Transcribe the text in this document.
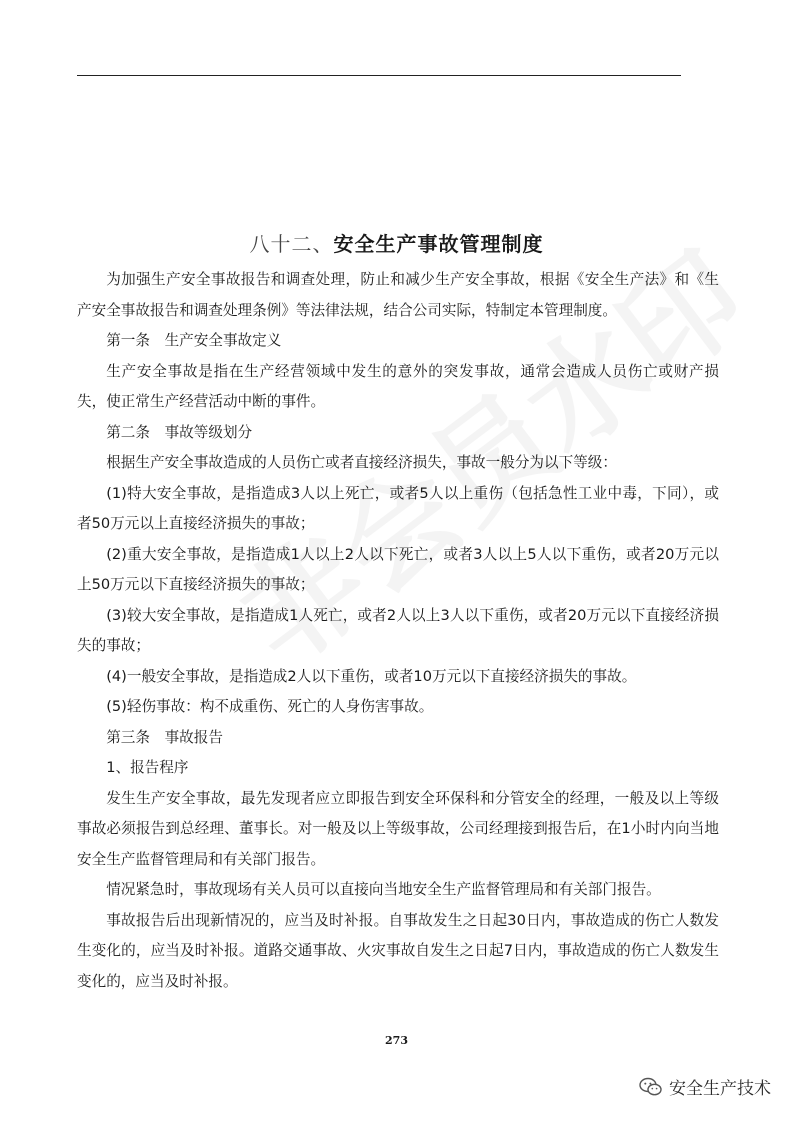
八十二、安全生产事故管理制度

为加强生产安全事故报告和调查处理，防止和减少生产安全事故，根据《安全生产法》和《生产安全事故报告和调查处理条例》等法律法规，结合公司实际，特制定本管理制度。

第一条　生产安全事故定义

生产安全事故是指在生产经营领域中发生的意外的突发事故，通常会造成人员伤亡或财产损失，使正常生产经营活动中断的事件。

第二条　事故等级划分

根据生产安全事故造成的人员伤亡或者直接经济损失，事故一般分为以下等级：

(1)特大安全事故，是指造成3人以上死亡，或者5人以上重伤（包括急性工业中毒，下同），或者50万元以上直接经济损失的事故；

(2)重大安全事故，是指造成1人以上2人以下死亡，或者3人以上5人以下重伤，或者20万元以上50万元以下直接经济损失的事故；

(3)较大安全事故，是指造成1人死亡，或者2人以上3人以下重伤，或者20万元以下直接经济损失的事故；

(4)一般安全事故，是指造成2人以下重伤，或者10万元以下直接经济损失的事故。

(5)轻伤事故：构不成重伤、死亡的人身伤害事故。

第三条　事故报告

1、报告程序

发生生产安全事故，最先发现者应立即报告到安全环保科和分管安全的经理，一般及以上等级事故必须报告到总经理、董事长。对一般及以上等级事故，公司经理接到报告后，在1小时内向当地安全生产监督管理局和有关部门报告。

情况紧急时，事故现场有关人员可以直接向当地安全生产监督管理局和有关部门报告。

事故报告后出现新情况的，应当及时补报。自事故发生之日起30日内，事故造成的伤亡人数发生变化的，应当及时补报。道路交通事故、火灾事故自发生之日起7日内，事故造成的伤亡人数发生变化的，应当及时补报。

273
安全生产技术
